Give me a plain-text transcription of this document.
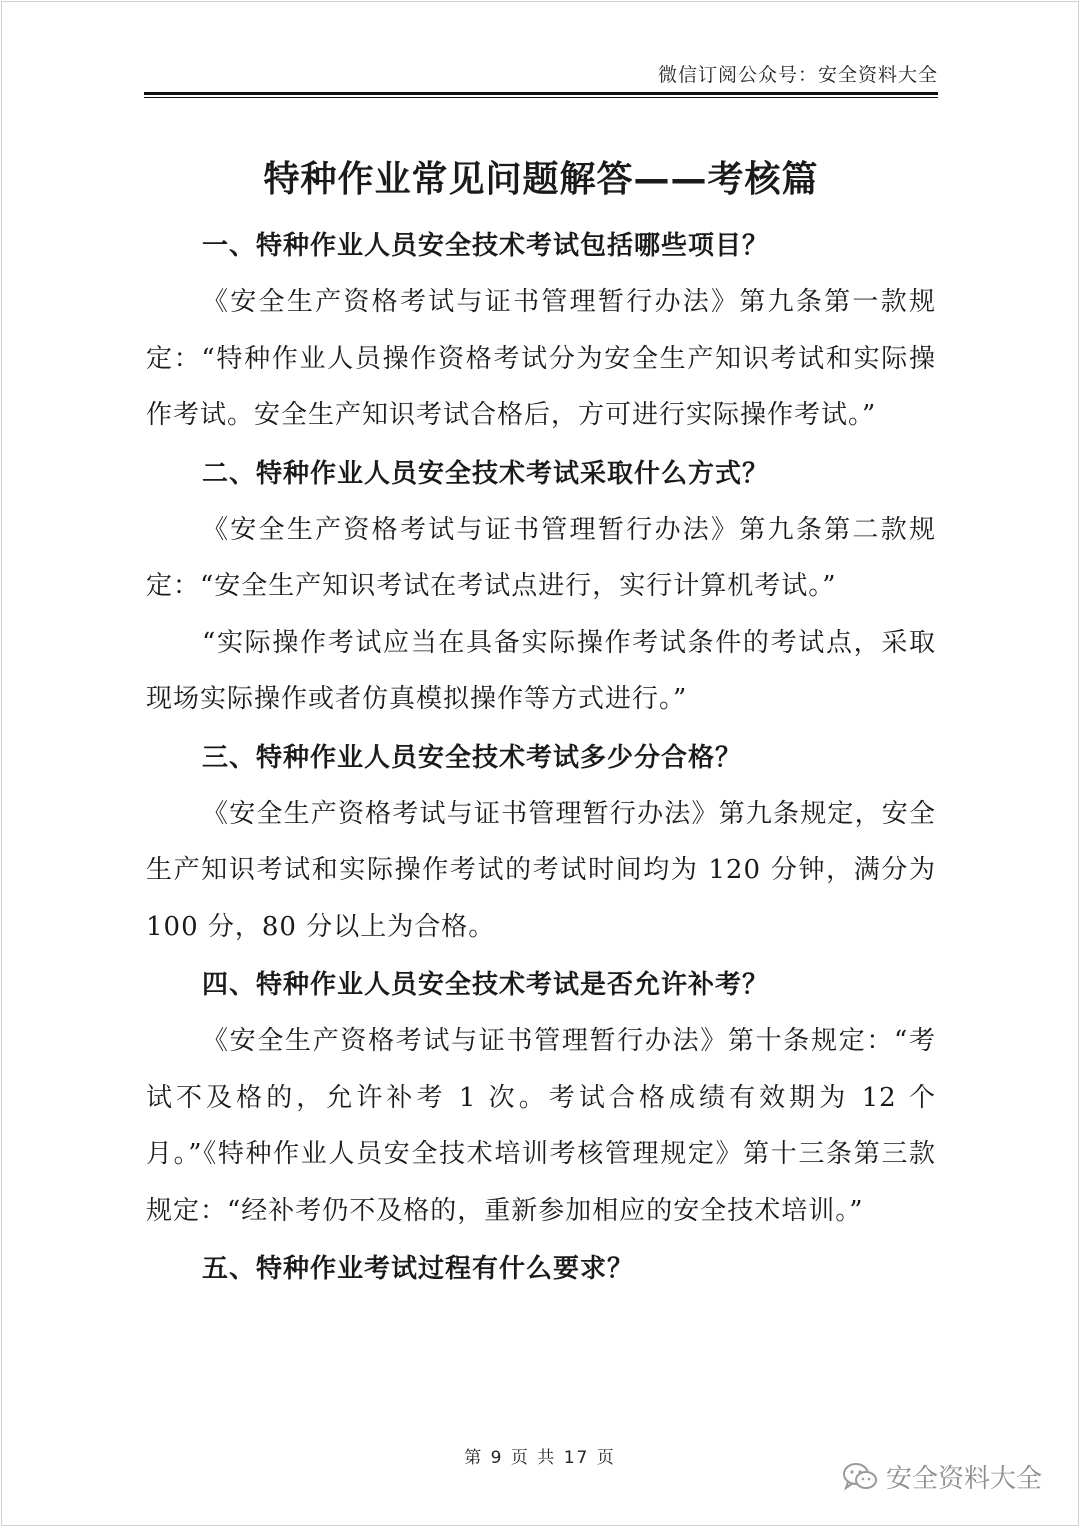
微信订阅公众号：安全资料大全
特种作业常见问题解答——考核篇
一、特种作业人员安全技术考试包括哪些项目？

《安全生产资格考试与证书管理暂行办法》第九条第一款规定：“特种作业人员操作资格考试分为安全生产知识考试和实际操作考试。安全生产知识考试合格后，方可进行实际操作考试。”

二、特种作业人员安全技术考试采取什么方式？

《安全生产资格考试与证书管理暂行办法》第九条第二款规定：“安全生产知识考试在考试点进行，实行计算机考试。”

“实际操作考试应当在具备实际操作考试条件的考试点，采取现场实际操作或者仿真模拟操作等方式进行。”

三、特种作业人员安全技术考试多少分合格？

《安全生产资格考试与证书管理暂行办法》第九条规定，安全生产知识考试和实际操作考试的考试时间均为 120 分钟，满分为 100 分，80 分以上为合格。

四、特种作业人员安全技术考试是否允许补考？

《安全生产资格考试与证书管理暂行办法》第十条规定：“考试不及格的，允许补考 1 次。考试合格成绩有效期为 12 个月。”《特种作业人员安全技术培训考核管理规定》第十三条第三款规定：“经补考仍不及格的，重新参加相应的安全技术培训。”

五、特种作业考试过程有什么要求？
第 9 页 共 17 页
安全资料大全
